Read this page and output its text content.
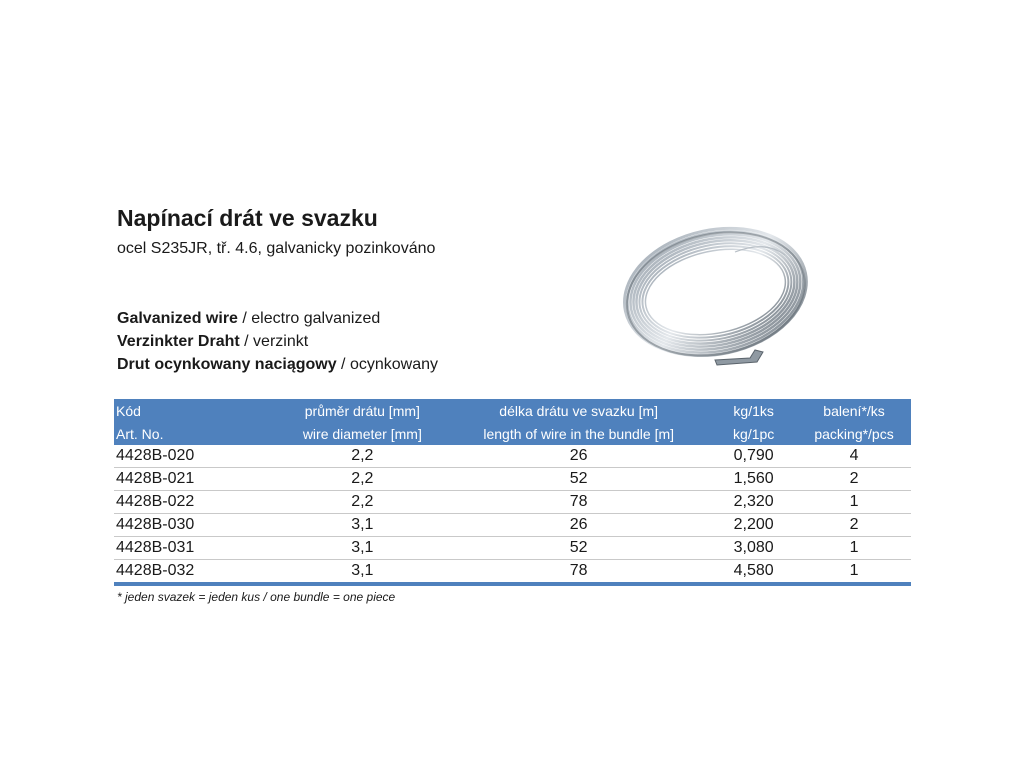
Napínací drát ve svazku
ocel S235JR, tř. 4.6, galvanicky pozinkováno
Galvanized wire / electro galvanized
Verzinkter Draht / verzinkt
Drut ocynkowany naciągowy / ocynkowany
Kód	průměr drátu [mm]	délka drátu ve svazku [m]	kg/1ks	balení*/ks
Art. No.	wire diameter [mm]	length of wire in the bundle [m]	kg/1pc	packing*/pcs
4428B-020	2,2	26	0,790	4
4428B-021	2,2	52	1,560	2
4428B-022	2,2	78	2,320	1
4428B-030	3,1	26	2,200	2
4428B-031	3,1	52	3,080	1
4428B-032	3,1	78	4,580	1
* jeden svazek = jeden kus / one bundle = one piece
